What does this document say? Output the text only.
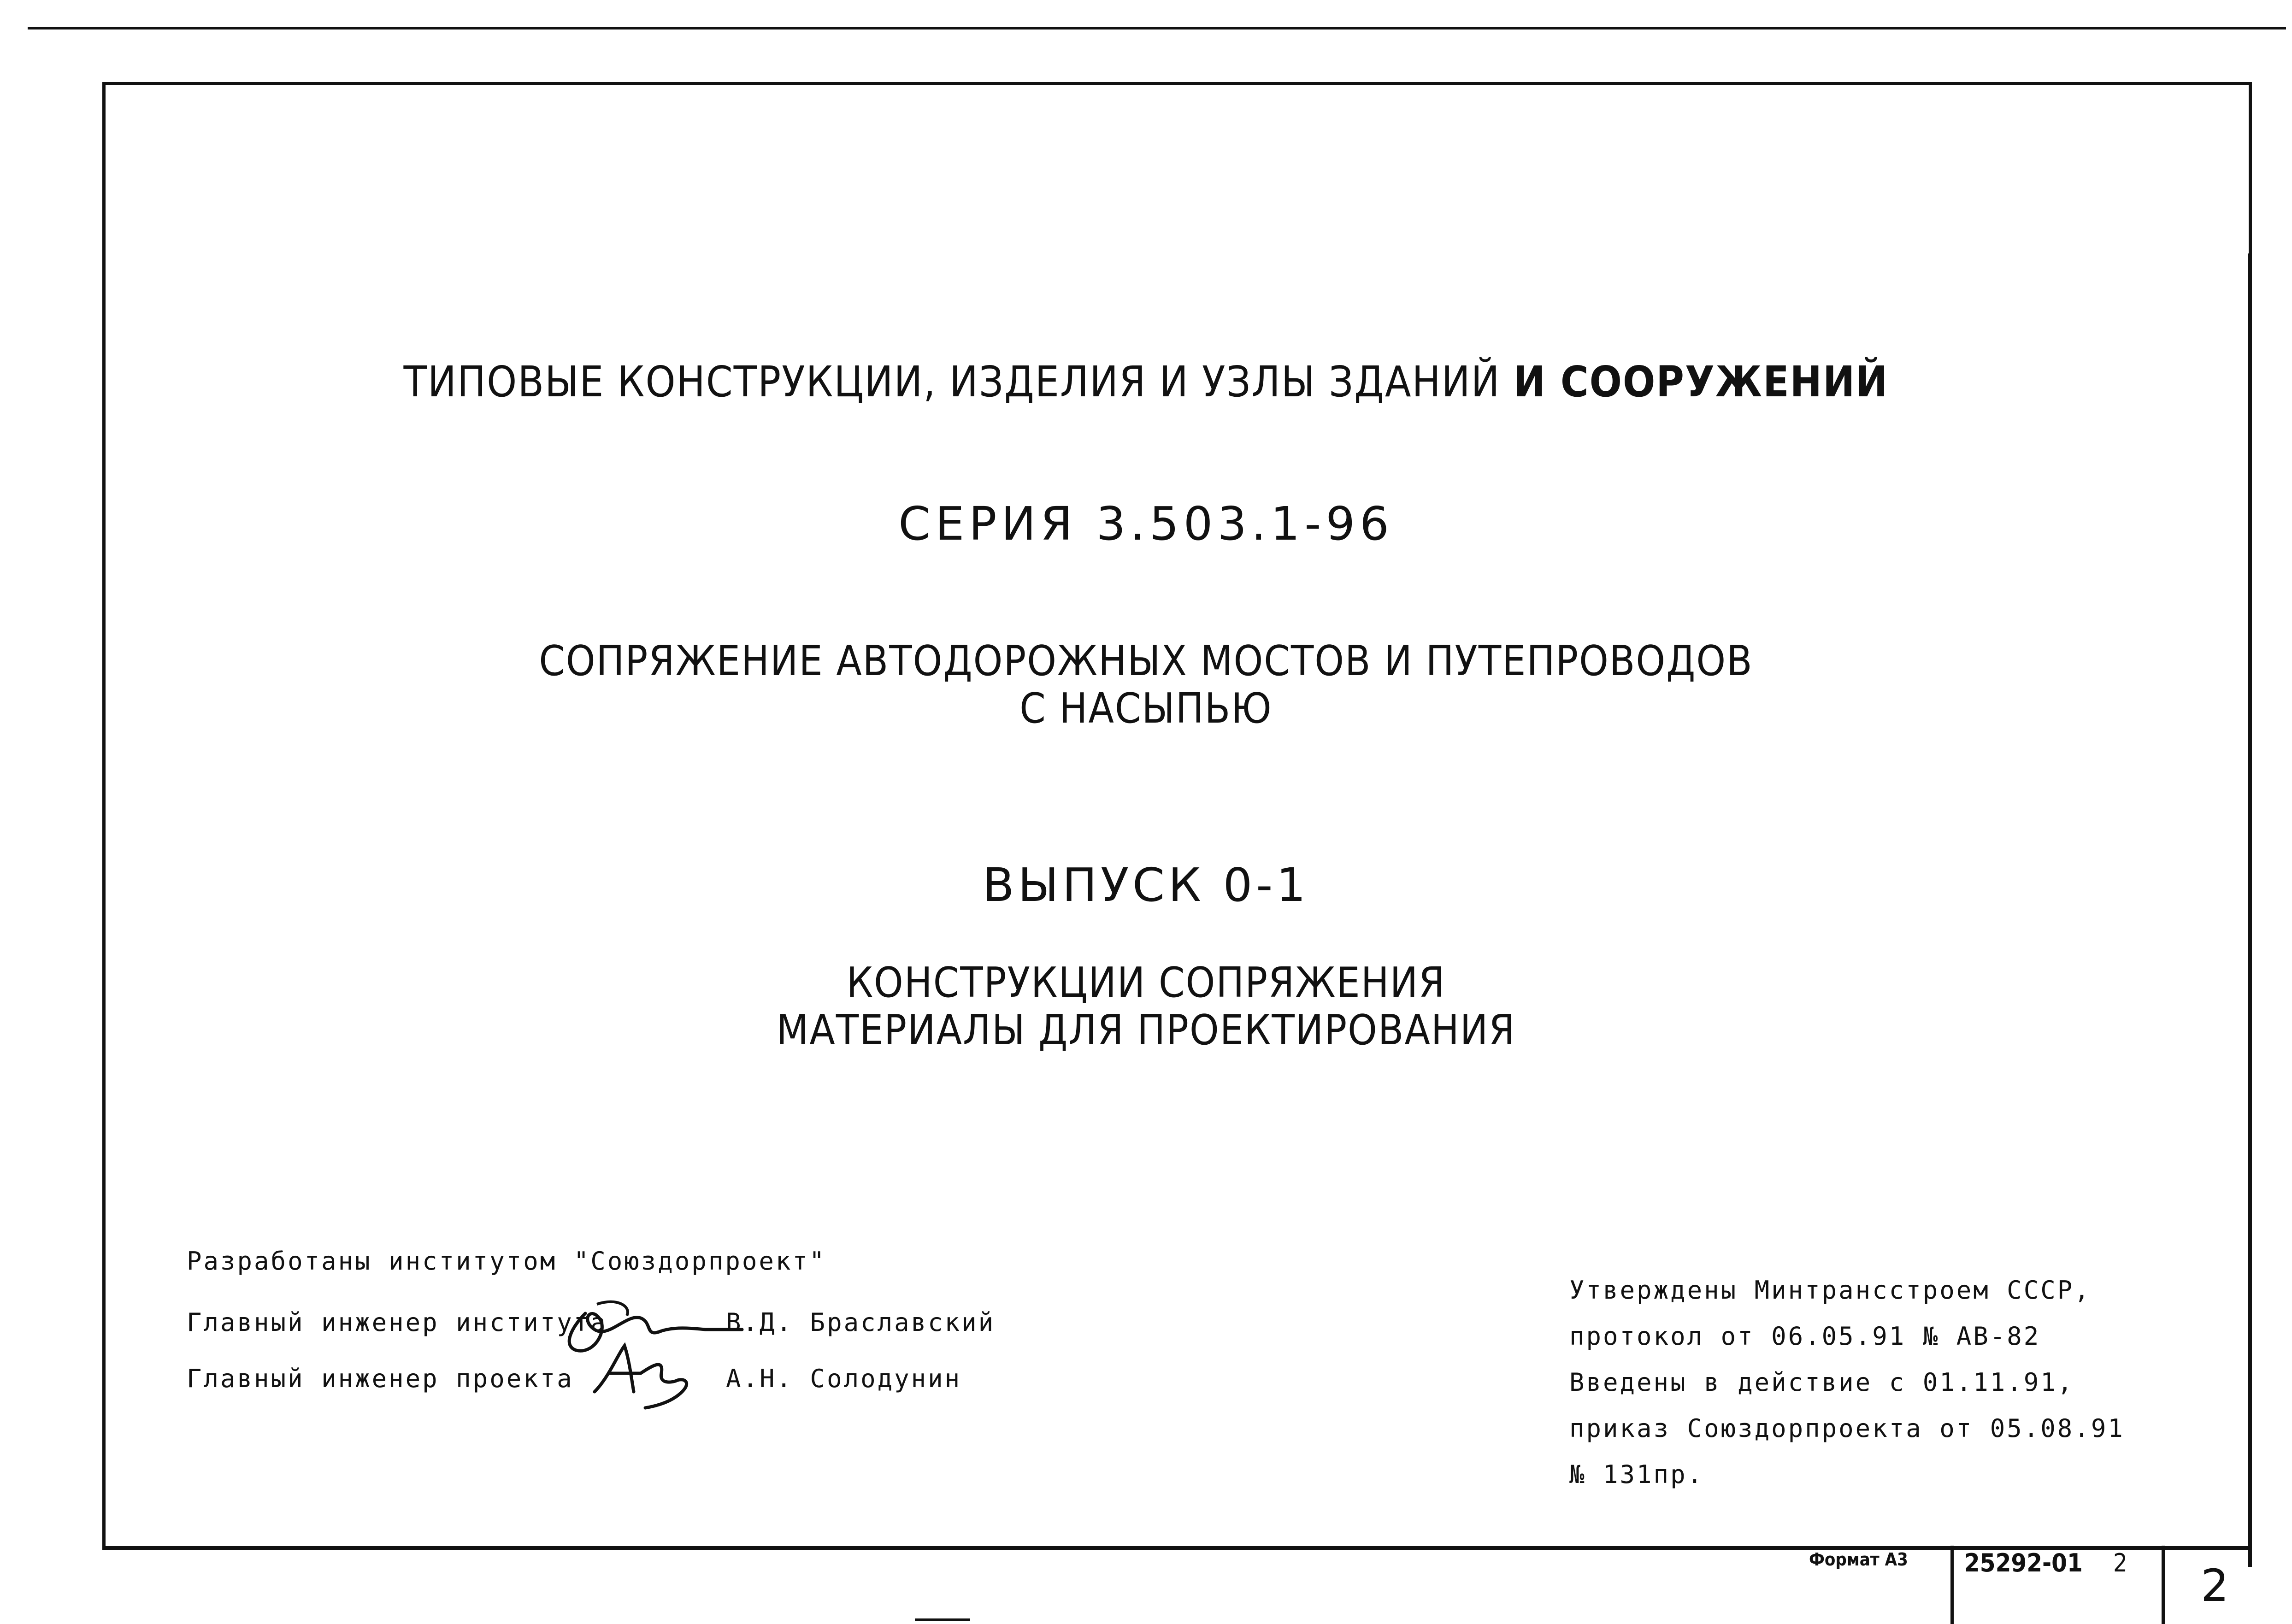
ТИПОВЫЕ КОНСТРУКЦИИ, ИЗДЕЛИЯ И УЗЛЫ ЗДАНИЙ И СООРУЖЕНИЙ
СЕРИЯ 3.503.1-96
СОПРЯЖЕНИЕ АВТОДОРОЖНЫХ МОСТОВ И ПУТЕПРОВОДОВ
С НАСЫПЬЮ
ВЫПУСК 0-1
КОНСТРУКЦИИ СОПРЯЖЕНИЯ
МАТЕРИАЛЫ ДЛЯ ПРОЕКТИРОВАНИЯ
Разработаны институтом "Союздорпроект"
Главный инженер института	В.Д. Браславский
Главный инженер проекта	А.Н. Солодунин
Утверждены Минтрансстроем СССР,
протокол от 06.05.91 № АВ-82
Введены в действие с 01.11.91,
приказ Союздорпроекта от 05.08.91
№ 131пр.
Формат А3 25292-01 2 2
